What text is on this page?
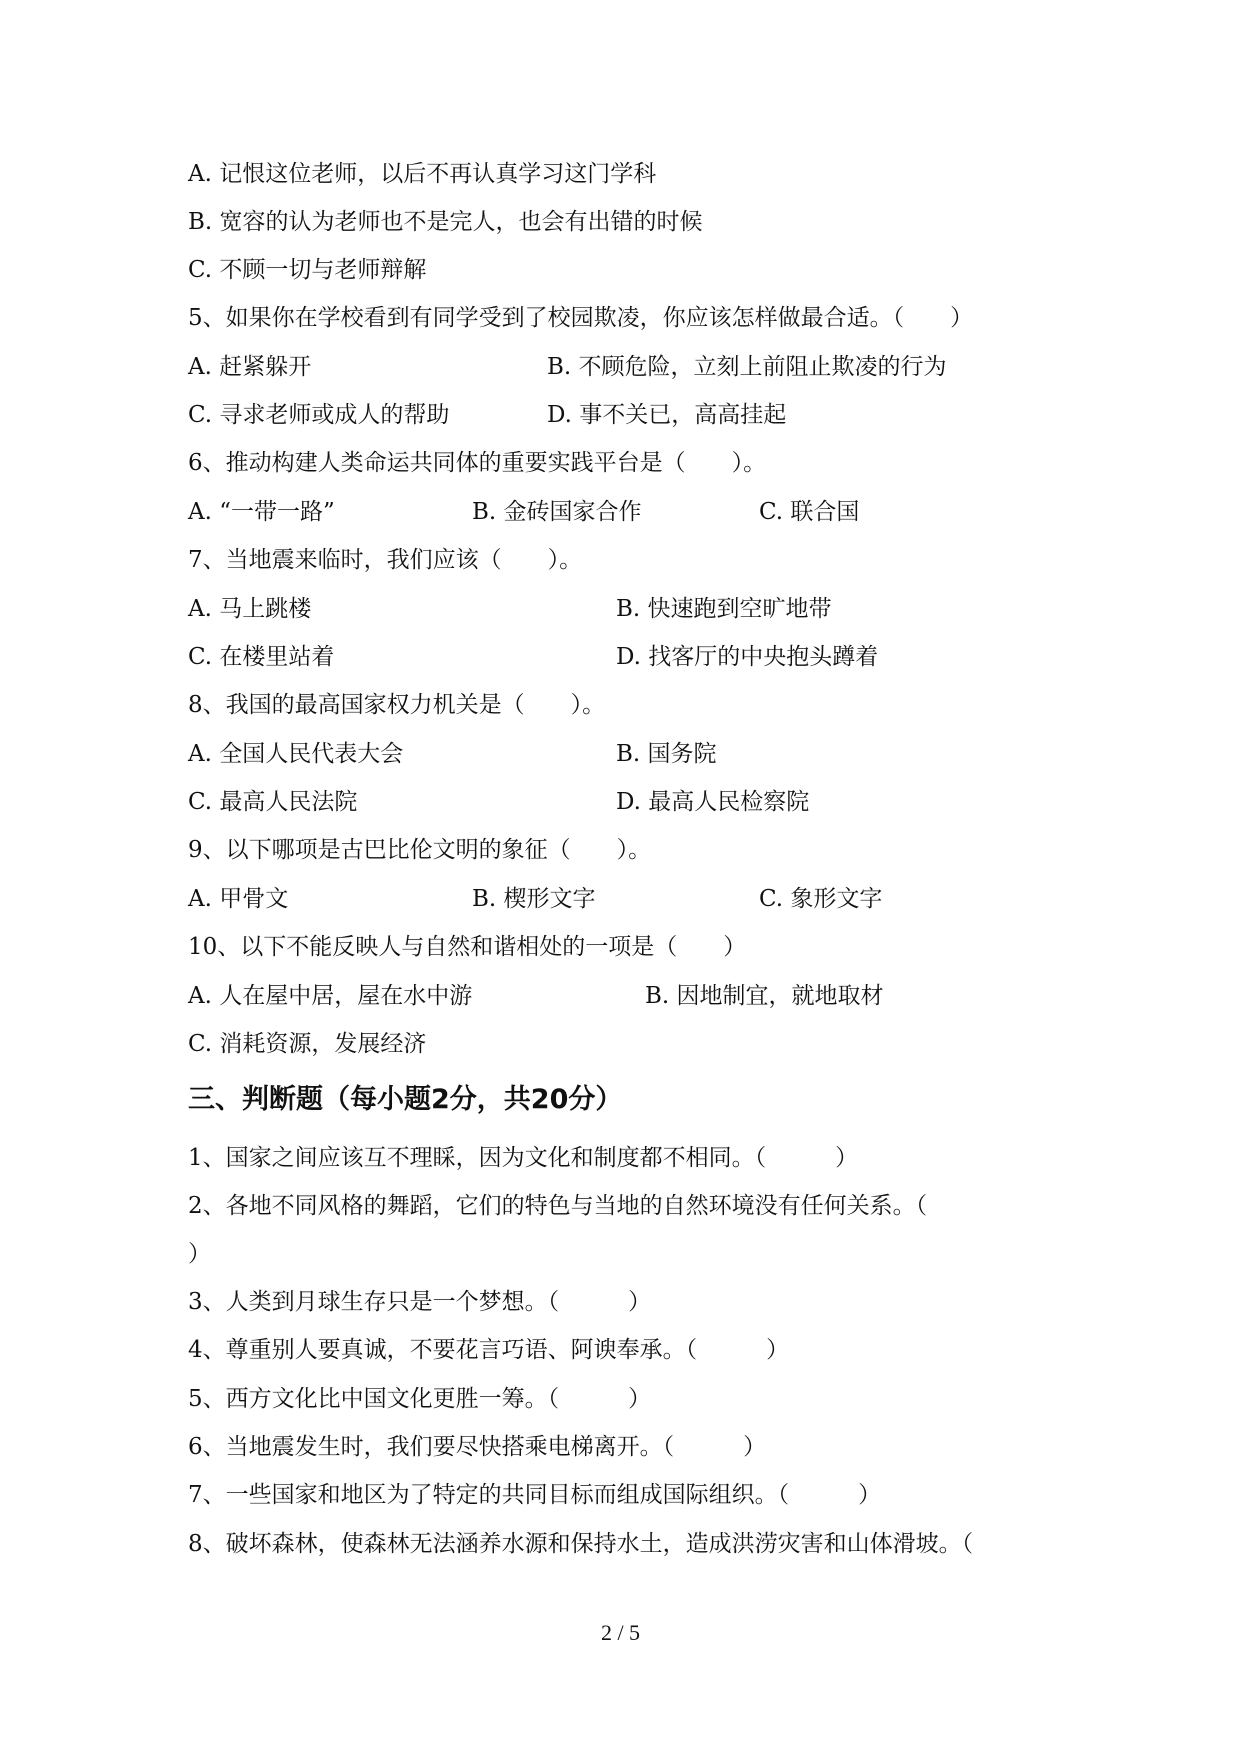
A. 记恨这位老师，以后不再认真学习这门学科
B. 宽容的认为老师也不是完人，也会有出错的时候
C. 不顾一切与老师辩解
5、如果你在学校看到有同学受到了校园欺凌，你应该怎样做最合适。（　　）
A. 赶紧躲开	B. 不顾危险，立刻上前阻止欺凌的行为
C. 寻求老师或成人的帮助	D. 事不关已，高高挂起
6、推动构建人类命运共同体的重要实践平台是（　　）。
A. “一带一路”	B. 金砖国家合作	C. 联合国
7、当地震来临时，我们应该（　　）。
A. 马上跳楼	B. 快速跑到空旷地带
C. 在楼里站着	D. 找客厅的中央抱头蹲着
8、我国的最高国家权力机关是（　　）。
A. 全国人民代表大会	B. 国务院
C. 最高人民法院	D. 最高人民检察院
9、以下哪项是古巴比伦文明的象征（　　）。
A. 甲骨文	B. 楔形文字	C. 象形文字
10、以下不能反映人与自然和谐相处的一项是（　　）
A. 人在屋中居，屋在水中游	B. 因地制宜，就地取材
C. 消耗资源，发展经济
三、判断题（每小题2分，共20分）
1、国家之间应该互不理睬，因为文化和制度都不相同。（　　　）
2、各地不同风格的舞蹈，它们的特色与当地的自然环境没有任何关系。（
）
3、人类到月球生存只是一个梦想。（　　　）
4、尊重别人要真诚，不要花言巧语、阿谀奉承。（　　　）
5、西方文化比中国文化更胜一筹。（　　　）
6、当地震发生时，我们要尽快搭乘电梯离开。（　　　）
7、一些国家和地区为了特定的共同目标而组成国际组织。（　　　）
8、破坏森林，使森林无法涵养水源和保持水土，造成洪涝灾害和山体滑坡。（
2 / 5
